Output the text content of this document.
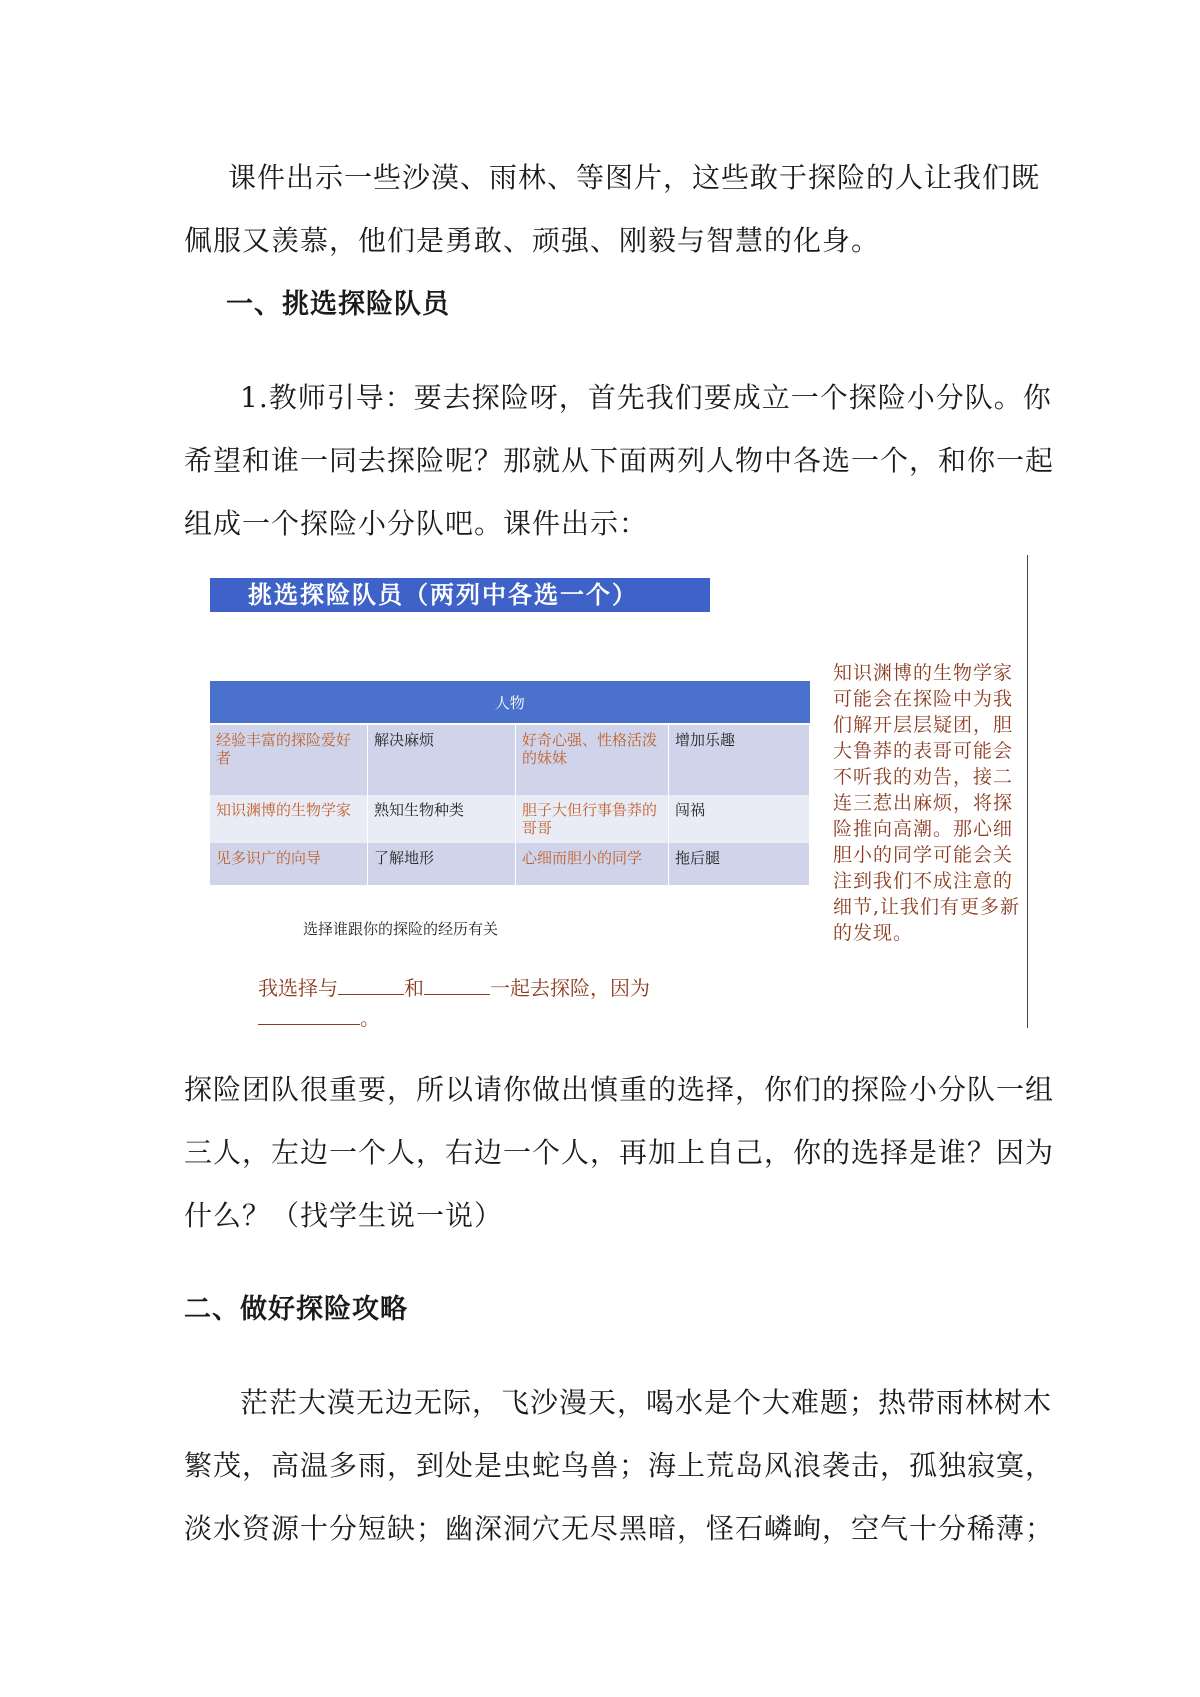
课件出示一些沙漠、雨林、等图片，这些敢于探险的人让我们既
佩服又羡慕，他们是勇敢、顽强、刚毅与智慧的化身。
一、挑选探险队员
1.教师引导：要去探险呀，首先我们要成立一个探险小分队。你
希望和谁一同去探险呢？那就从下面两列人物中各选一个，和你一起
组成一个探险小分队吧。课件出示：
挑选探险队员（两列中各选一个）
人物			
经验丰富的探险爱好者	解决麻烦	好奇心强、性格活泼的妹妹	增加乐趣
知识渊博的生物学家	熟知生物种类	胆子大但行事鲁莽的哥哥	闯祸
见多识广的向导	了解地形	心细而胆小的同学	拖后腿
知识渊博的生物学家可能会在探险中为我们解开层层疑团，胆大鲁莽的表哥可能会不听我的劝告，接二连三惹出麻烦，将探险推向高潮。那心细胆小的同学可能会关注到我们不成注意的细节,让我们有更多新的发现。
选择谁跟你的探险的经历有关
我选择与	和	一起去探险，因为
。
探险团队很重要，所以请你做出慎重的选择，你们的探险小分队一组
三人，左边一个人，右边一个人，再加上自己，你的选择是谁？因为
什么？（找学生说一说）
二、做好探险攻略
茫茫大漠无边无际，飞沙漫天，喝水是个大难题；热带雨林树木
繁茂，高温多雨，到处是虫蛇鸟兽；海上荒岛风浪袭击，孤独寂寞，
淡水资源十分短缺；幽深洞穴无尽黑暗，怪石嶙峋，空气十分稀薄；
